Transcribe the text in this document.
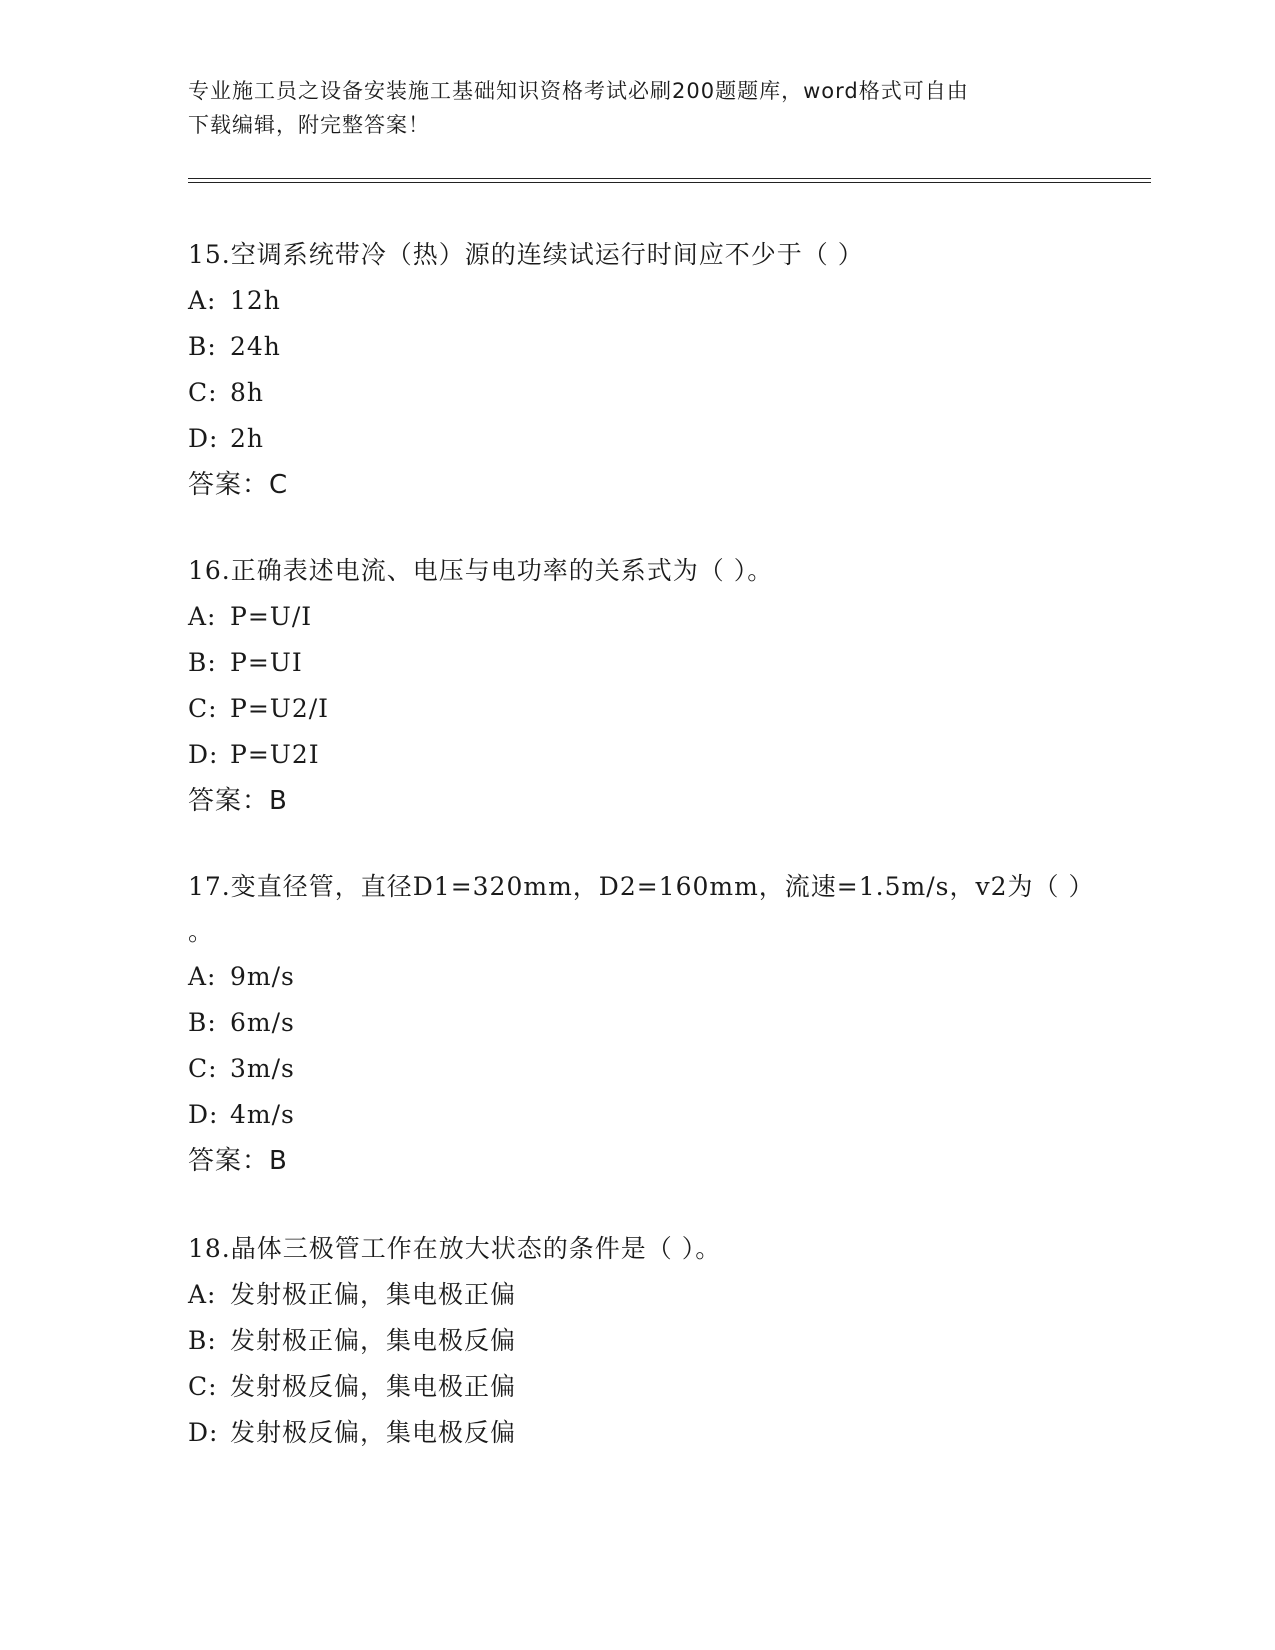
专业施工员之设备安装施工基础知识资格考试必刷200题题库，word格式可自由
下载编辑，附完整答案！
15.空调系统带冷（热）源的连续试运行时间应不少于（ ）
A: 12h
B: 24h
C: 8h
D: 2h
答案：C
16.正确表述电流、电压与电功率的关系式为（ ）。
A: P=U/I
B: P=UI
C: P=U2/I
D: P=U2I
答案：B
17.变直径管，直径D1=320mm，D2=160mm，流速=1.5m/s，v2为（ ）
。
A: 9m/s
B: 6m/s
C: 3m/s
D: 4m/s
答案：B
18.晶体三极管工作在放大状态的条件是（ ）。
A: 发射极正偏，集电极正偏
B: 发射极正偏，集电极反偏
C: 发射极反偏，集电极正偏
D: 发射极反偏，集电极反偏
